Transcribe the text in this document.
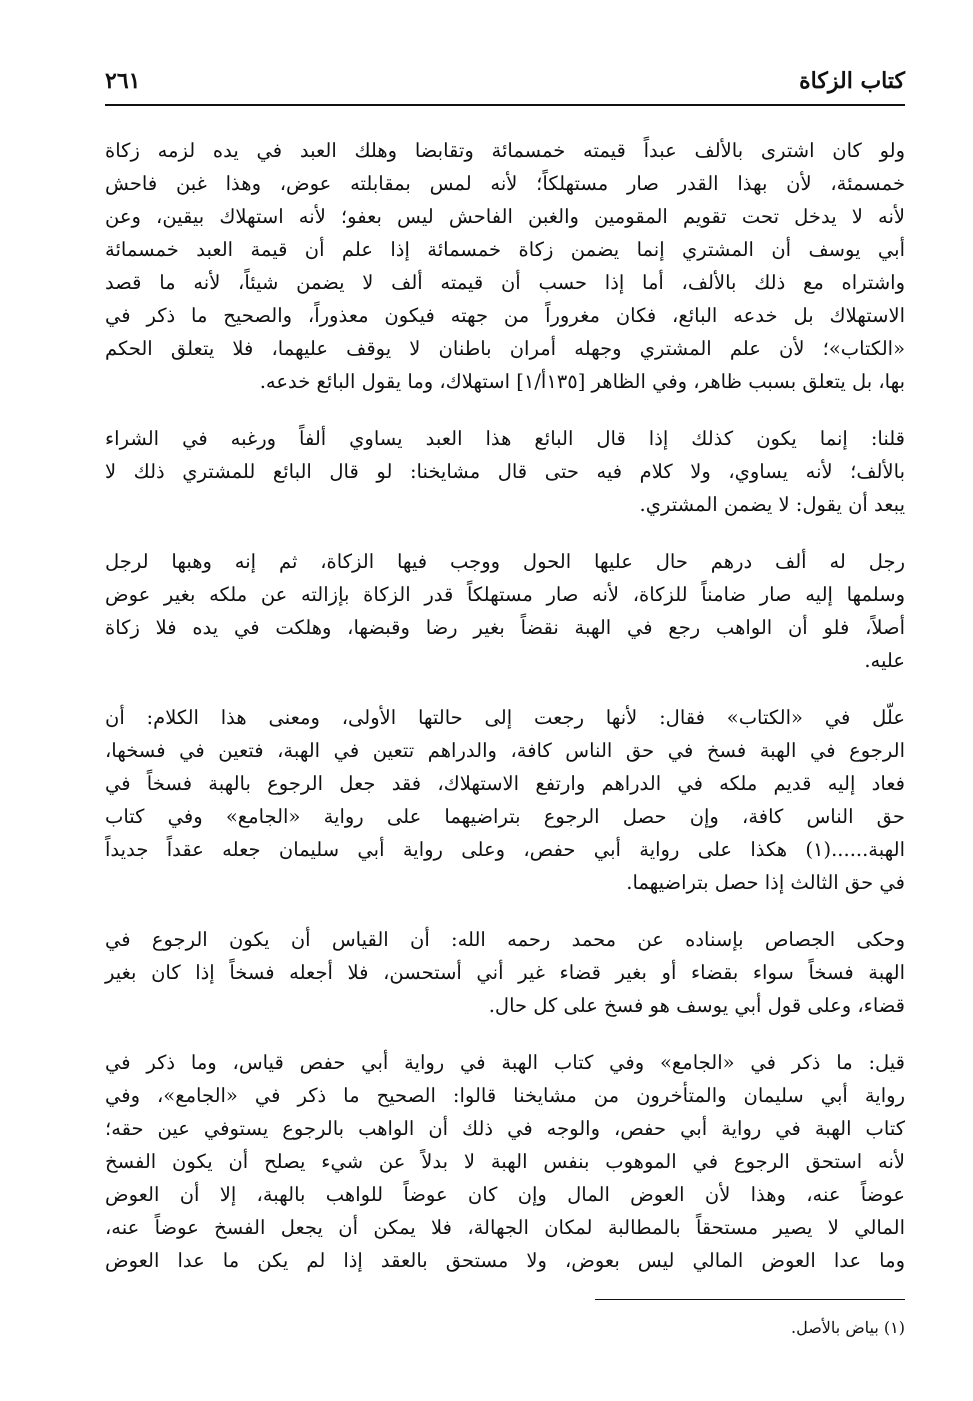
كتاب الزكاة
٢٦١
ولو كان اشترى بالألف عبداً قيمته خمسمائة وتقابضا وهلك العبد في يده لزمه زكاة
خمسمئة، لأن بهذا القدر صار مستهلكاً؛ لأنه لمس بمقابلته عوض، وهذا غبن فاحش
لأنه لا يدخل تحت تقويم المقومين والغبن الفاحش ليس بعفو؛ لأنه استهلاك بيقين، وعن
أبي يوسف أن المشتري إنما يضمن زكاة خمسمائة إذا علم أن قيمة العبد خمسمائة
واشتراه مع ذلك بالألف، أما إذا حسب أن قيمته ألف لا يضمن شيئاً، لأنه ما قصد
الاستهلاك بل خدعه البائع، فكان مغروراً من جهته فيكون معذوراً، والصحيح ما ذكر في
«الكتاب»؛ لأن علم المشتري وجهله أمران باطنان لا يوقف عليهما، فلا يتعلق الحكم
بها، بل يتعلق بسبب ظاهر، وفي الظاهر [١٣٥أ/١] استهلاك، وما يقول البائع خدعه.
قلنا: إنما يكون كذلك إذا قال البائع هذا العبد يساوي ألفاً ورغبه في الشراء
بالألف؛ لأنه يساوي، ولا كلام فيه حتى قال مشايخنا: لو قال البائع للمشتري ذلك لا
يبعد أن يقول: لا يضمن المشتري.
رجل له ألف درهم حال عليها الحول ووجب فيها الزكاة، ثم إنه وهبها لرجل
وسلمها إليه صار ضامناً للزكاة، لأنه صار مستهلكاً قدر الزكاة بإزالته عن ملكه بغير عوض
أصلاً، فلو أن الواهب رجع في الهبة نقضاً بغير رضا وقبضها، وهلكت في يده فلا زكاة
عليه.
علّل في «الكتاب» فقال: لأنها رجعت إلى حالتها الأولى، ومعنى هذا الكلام: أن
الرجوع في الهبة فسخ في حق الناس كافة، والدراهم تتعين في الهبة، فتعين في فسخها،
فعاد إليه قديم ملكه في الدراهم وارتفع الاستهلاك، فقد جعل الرجوع بالهبة فسخاً في
حق الناس كافة، وإن حصل الرجوع بتراضيهما على رواية «الجامع» وفي كتاب
الهبة......(١) هكذا على رواية أبي حفص، وعلى رواية أبي سليمان جعله عقداً جديداً
في حق الثالث إذا حصل بتراضيهما.
وحكى الجصاص بإسناده عن محمد رحمه الله: أن القياس أن يكون الرجوع في
الهبة فسخاً سواء بقضاء أو بغير قضاء غير أني أستحسن، فلا أجعله فسخاً إذا كان بغير
قضاء، وعلى قول أبي يوسف هو فسخ على كل حال.
قيل: ما ذكر في «الجامع» وفي كتاب الهبة في رواية أبي حفص قياس، وما ذكر في
رواية أبي سليمان والمتأخرون من مشايخنا قالوا: الصحيح ما ذكر في «الجامع»، وفي
كتاب الهبة في رواية أبي حفص، والوجه في ذلك أن الواهب بالرجوع يستوفي عين حقه؛
لأنه استحق الرجوع في الموهوب بنفس الهبة لا بدلاً عن شيء يصلح أن يكون الفسخ
عوضاً عنه، وهذا لأن العوض المال وإن كان عوضاً للواهب بالهبة، إلا أن العوض
المالي لا يصير مستحقاً بالمطالبة لمكان الجهالة، فلا يمكن أن يجعل الفسخ عوضاً عنه،
وما عدا العوض المالي ليس بعوض، ولا مستحق بالعقد إذا لم يكن ما عدا العوض
(١) بياض بالأصل.
